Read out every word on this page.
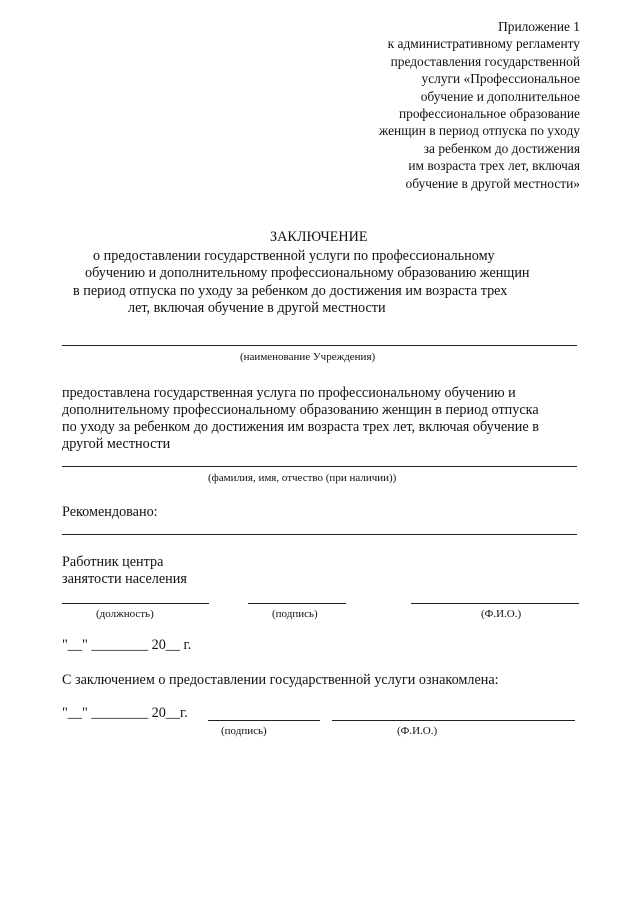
Приложение 1
к административному регламенту
предоставления государственной
услуги «Профессиональное
обучение и дополнительное
профессиональное образование
женщин в период отпуска по уходу
за ребенком до достижения
им возраста трех лет, включая
обучение в другой местности»
ЗАКЛЮЧЕНИЕ
о предоставлении государственной услуги по профессиональному
обучению и дополнительному профессиональному образованию женщин
в период отпуска по уходу за ребенком до достижения им возраста трех
лет, включая обучение в другой местности
(наименование Учреждения)
предоставлена государственная услуга по профессиональному обучению и
дополнительному профессиональному образованию женщин в период отпуска
по уходу за ребенком до достижения им возраста трех лет, включая обучение в
другой местности
(фамилия, имя, отчество (при наличии))
Рекомендовано:
Работник центра
занятости населения
(должность)	(подпись)	(Ф.И.О.)
"__" ________ 20__ г.
С заключением о предоставлении государственной услуги ознакомлена:
"__" ________ 20__г.
(подпись)	(Ф.И.О.)
